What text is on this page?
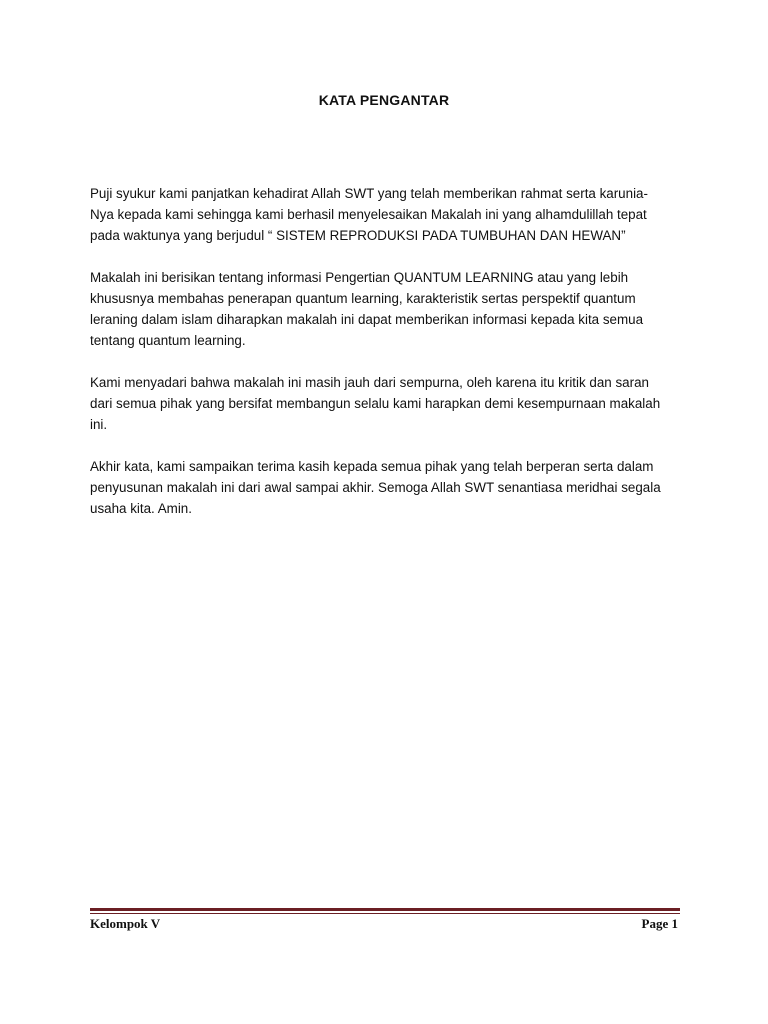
KATA PENGANTAR

Puji syukur kami panjatkan kehadirat Allah SWT yang telah memberikan rahmat serta karunia-
Nya kepada kami sehingga kami berhasil menyelesaikan Makalah ini yang alhamdulillah tepat
pada waktunya yang berjudul “ SISTEM REPRODUKSI PADA TUMBUHAN DAN HEWAN”

Makalah ini berisikan tentang informasi Pengertian QUANTUM LEARNING atau yang lebih
khususnya membahas penerapan quantum learning, karakteristik sertas perspektif quantum
leraning dalam islam diharapkan makalah ini dapat memberikan informasi kepada kita semua
tentang quantum learning.

Kami menyadari bahwa makalah ini masih jauh dari sempurna, oleh karena itu kritik dan saran
dari semua pihak yang bersifat membangun selalu kami harapkan demi kesempurnaan makalah
ini.

Akhir kata, kami sampaikan terima kasih kepada semua pihak yang telah berperan serta dalam
penyusunan makalah ini dari awal sampai akhir. Semoga Allah SWT senantiasa meridhai segala
usaha kita. Amin.

Kelompok V	Page 1
